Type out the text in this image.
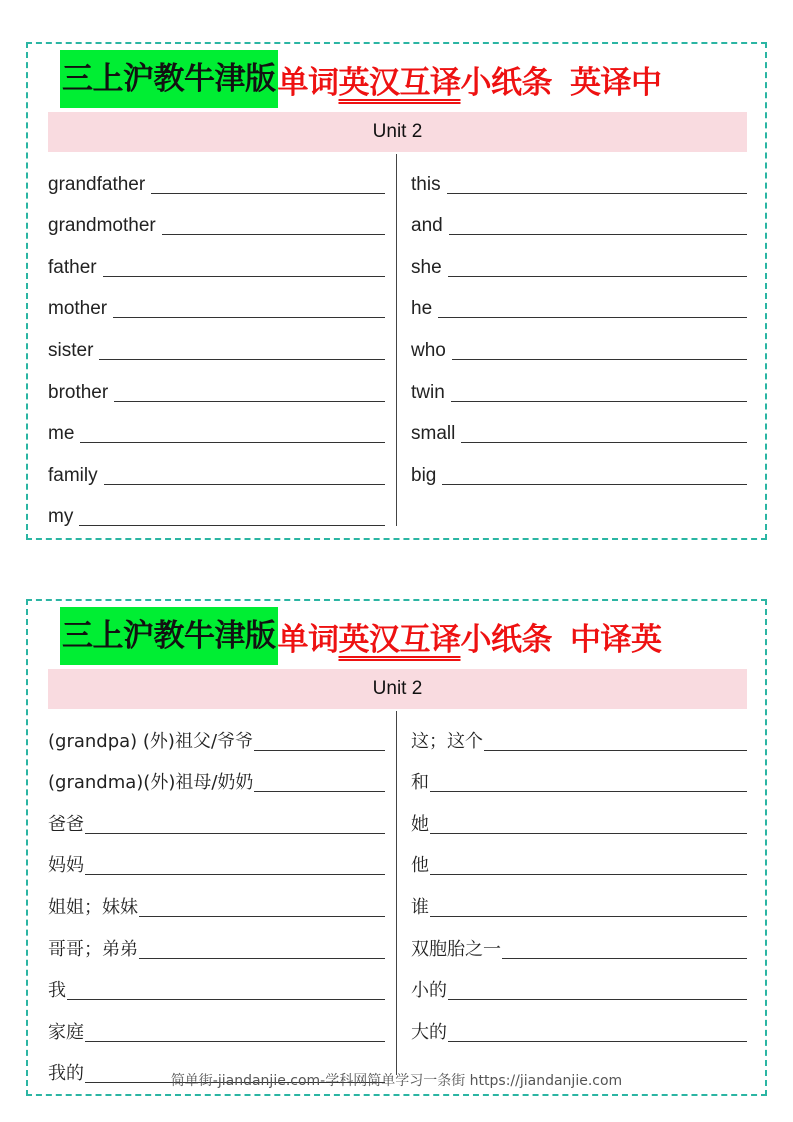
三上沪教牛津版 单词英汉互译小纸条 英译中
Unit 2
grandfather
grandmother
father
mother
sister
brother
me
family
my
this
and
she
he
who
twin
small
big
三上沪教牛津版 单词英汉互译小纸条 中译英
Unit 2
(grandpa) (外)祖父/爷爷
(grandma)(外)祖母/奶奶
爸爸
妈妈
姐姐；妹妹
哥哥；弟弟
我
家庭
我的
这；这个
和
她
他
谁
双胞胎之一
小的
大的
简单街-jiandanjie.com-学科网简单学习一条街 https://jiandanjie.com
